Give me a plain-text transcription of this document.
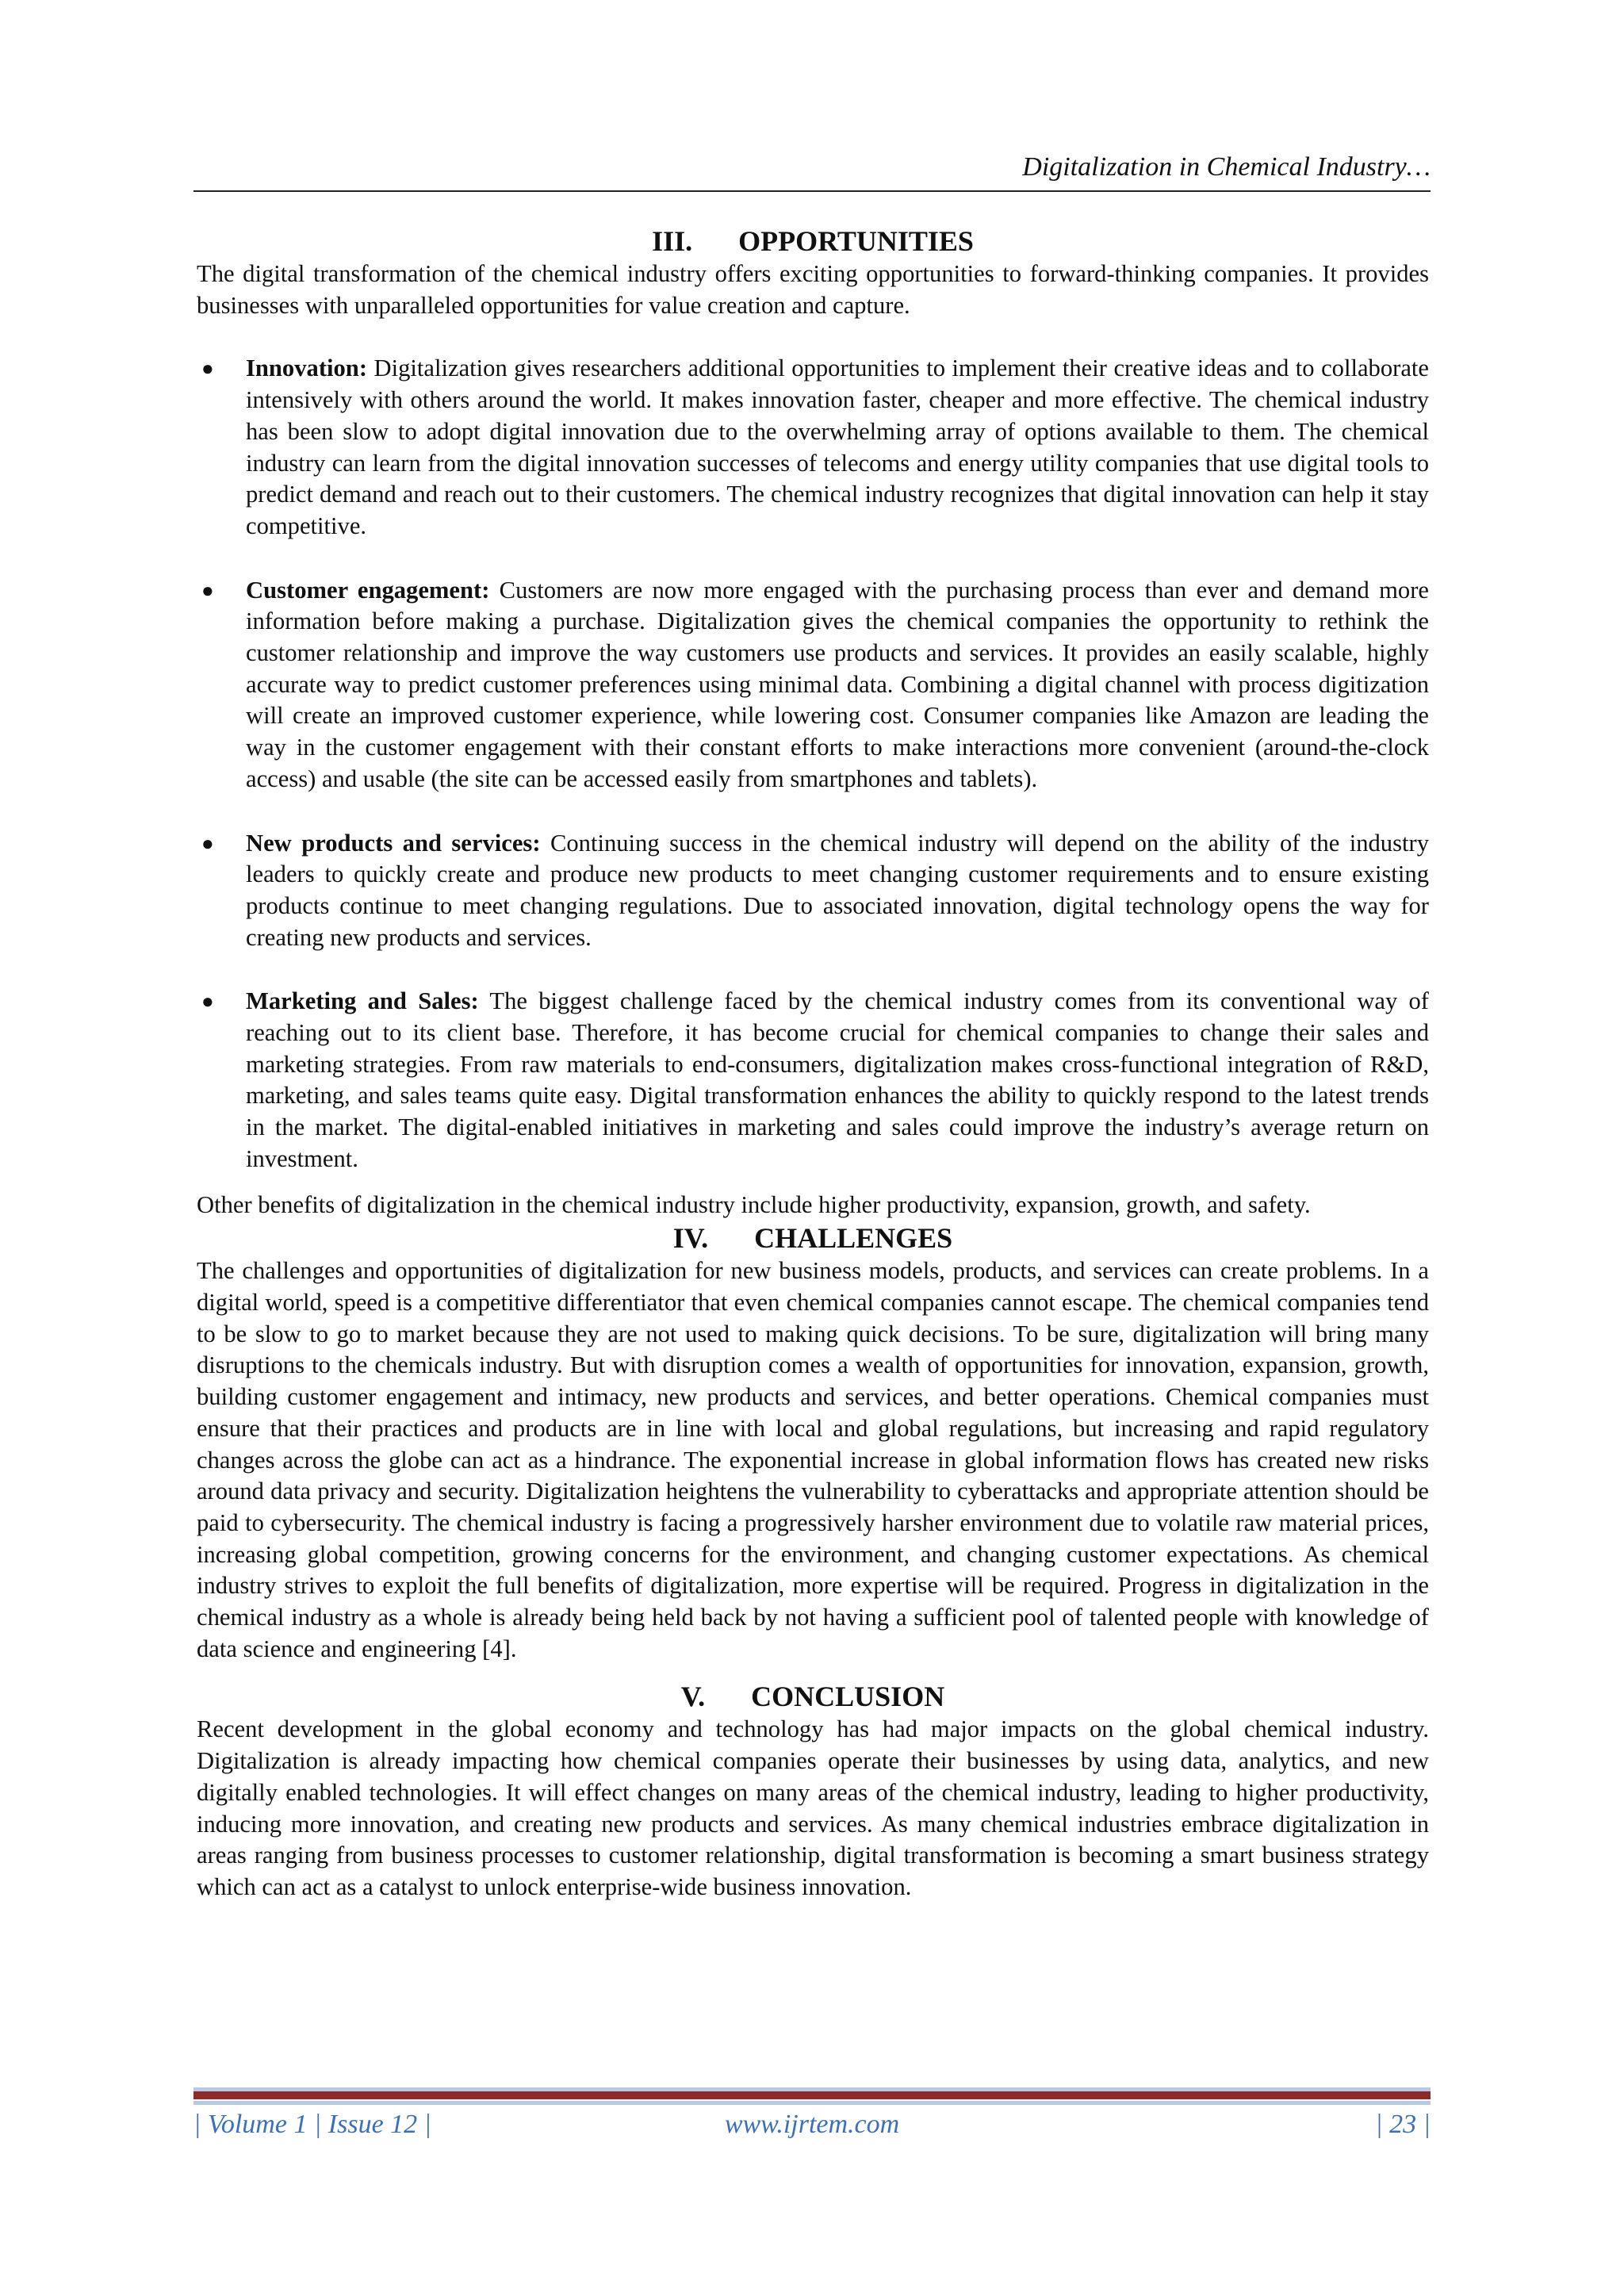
Digitalization in Chemical Industry…
III. OPPORTUNITIES

The digital transformation of the chemical industry offers exciting opportunities to forward-thinking companies. It provides businesses with unparalleled opportunities for value creation and capture.

● Innovation: Digitalization gives researchers additional opportunities to implement their creative ideas and to collaborate intensively with others around the world. It makes innovation faster, cheaper and more effective. The chemical industry has been slow to adopt digital innovation due to the overwhelming array of options available to them. The chemical industry can learn from the digital innovation successes of telecoms and energy utility companies that use digital tools to predict demand and reach out to their customers. The chemical industry recognizes that digital innovation can help it stay competitive.
● Customer engagement: Customers are now more engaged with the purchasing process than ever and demand more information before making a purchase. Digitalization gives the chemical companies the opportunity to rethink the customer relationship and improve the way customers use products and services. It provides an easily scalable, highly accurate way to predict customer preferences using minimal data. Combining a digital channel with process digitization will create an improved customer experience, while lowering cost. Consumer companies like Amazon are leading the way in the customer engagement with their constant efforts to make interactions more convenient (around-the-clock access) and usable (the site can be accessed easily from smartphones and tablets).
● New products and services: Continuing success in the chemical industry will depend on the ability of the industry leaders to quickly create and produce new products to meet changing customer requirements and to ensure existing products continue to meet changing regulations. Due to associated innovation, digital technology opens the way for creating new products and services.
● Marketing and Sales: The biggest challenge faced by the chemical industry comes from its conventional way of reaching out to its client base. Therefore, it has become crucial for chemical companies to change their sales and marketing strategies. From raw materials to end-consumers, digitalization makes cross-functional integration of R&D, marketing, and sales teams quite easy. Digital transformation enhances the ability to quickly respond to the latest trends in the market. The digital-enabled initiatives in marketing and sales could improve the industry’s average return on investment.

Other benefits of digitalization in the chemical industry include higher productivity, expansion, growth, and safety.

IV. CHALLENGES

The challenges and opportunities of digitalization for new business models, products, and services can create problems. In a digital world, speed is a competitive differentiator that even chemical companies cannot escape. The chemical companies tend to be slow to go to market because they are not used to making quick decisions. To be sure, digitalization will bring many disruptions to the chemicals industry. But with disruption comes a wealth of opportunities for innovation, expansion, growth, building customer engagement and intimacy, new products and services, and better operations. Chemical companies must ensure that their practices and products are in line with local and global regulations, but increasing and rapid regulatory changes across the globe can act as a hindrance. The exponential increase in global information flows has created new risks around data privacy and security. Digitalization heightens the vulnerability to cyberattacks and appropriate attention should be paid to cybersecurity. The chemical industry is facing a progressively harsher environment due to volatile raw material prices, increasing global competition, growing concerns for the environment, and changing customer expectations. As chemical industry strives to exploit the full benefits of digitalization, more expertise will be required. Progress in digitalization in the chemical industry as a whole is already being held back by not having a sufficient pool of talented people with knowledge of data science and engineering [4].

V. CONCLUSION

Recent development in the global economy and technology has had major impacts on the global chemical industry. Digitalization is already impacting how chemical companies operate their businesses by using data, analytics, and new digitally enabled technologies. It will effect changes on many areas of the chemical industry, leading to higher productivity, inducing more innovation, and creating new products and services. As many chemical industries embrace digitalization in areas ranging from business processes to customer relationship, digital transformation is becoming a smart business strategy which can act as a catalyst to unlock enterprise-wide business innovation.

| Volume 1 | Issue 12 |	www.ijrtem.com	| 23 |
